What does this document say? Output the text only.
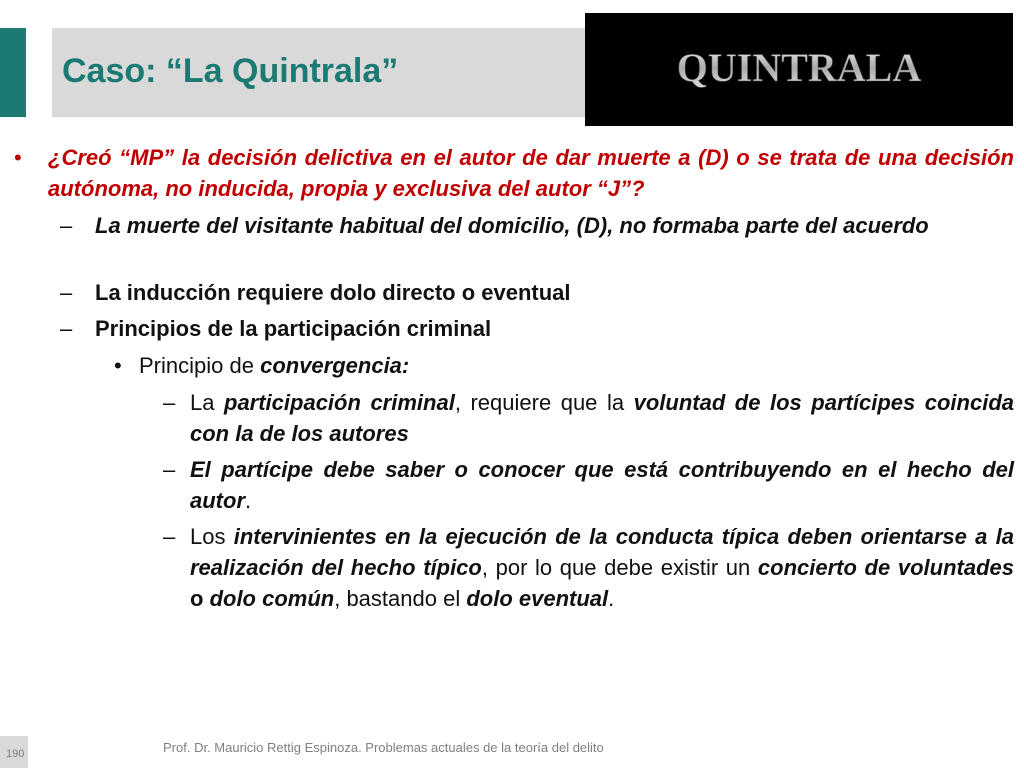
Caso: “La Quintrala”	QUINTRALA
• ¿Creó “MP” la decisión delictiva en el autor de dar muerte a (D) o se trata de una decisión autónoma, no inducida, propia y exclusiva del autor “J”?
– La muerte del visitante habitual del domicilio, (D), no formaba parte del acuerdo
– La inducción requiere dolo directo o eventual
– Principios de la participación criminal
• Principio de convergencia:
– La participación criminal, requiere que la voluntad de los partícipes coincida con la de los autores
– El partícipe debe saber o conocer que está contribuyendo en el hecho del autor.
– Los intervinientes en la ejecución de la conducta típica deben orientarse a la realización del hecho típico, por lo que debe existir un concierto de voluntades o dolo común, bastando el dolo eventual.
Prof. Dr. Mauricio Rettig Espinoza. Problemas actuales de la teoría del delito
190
